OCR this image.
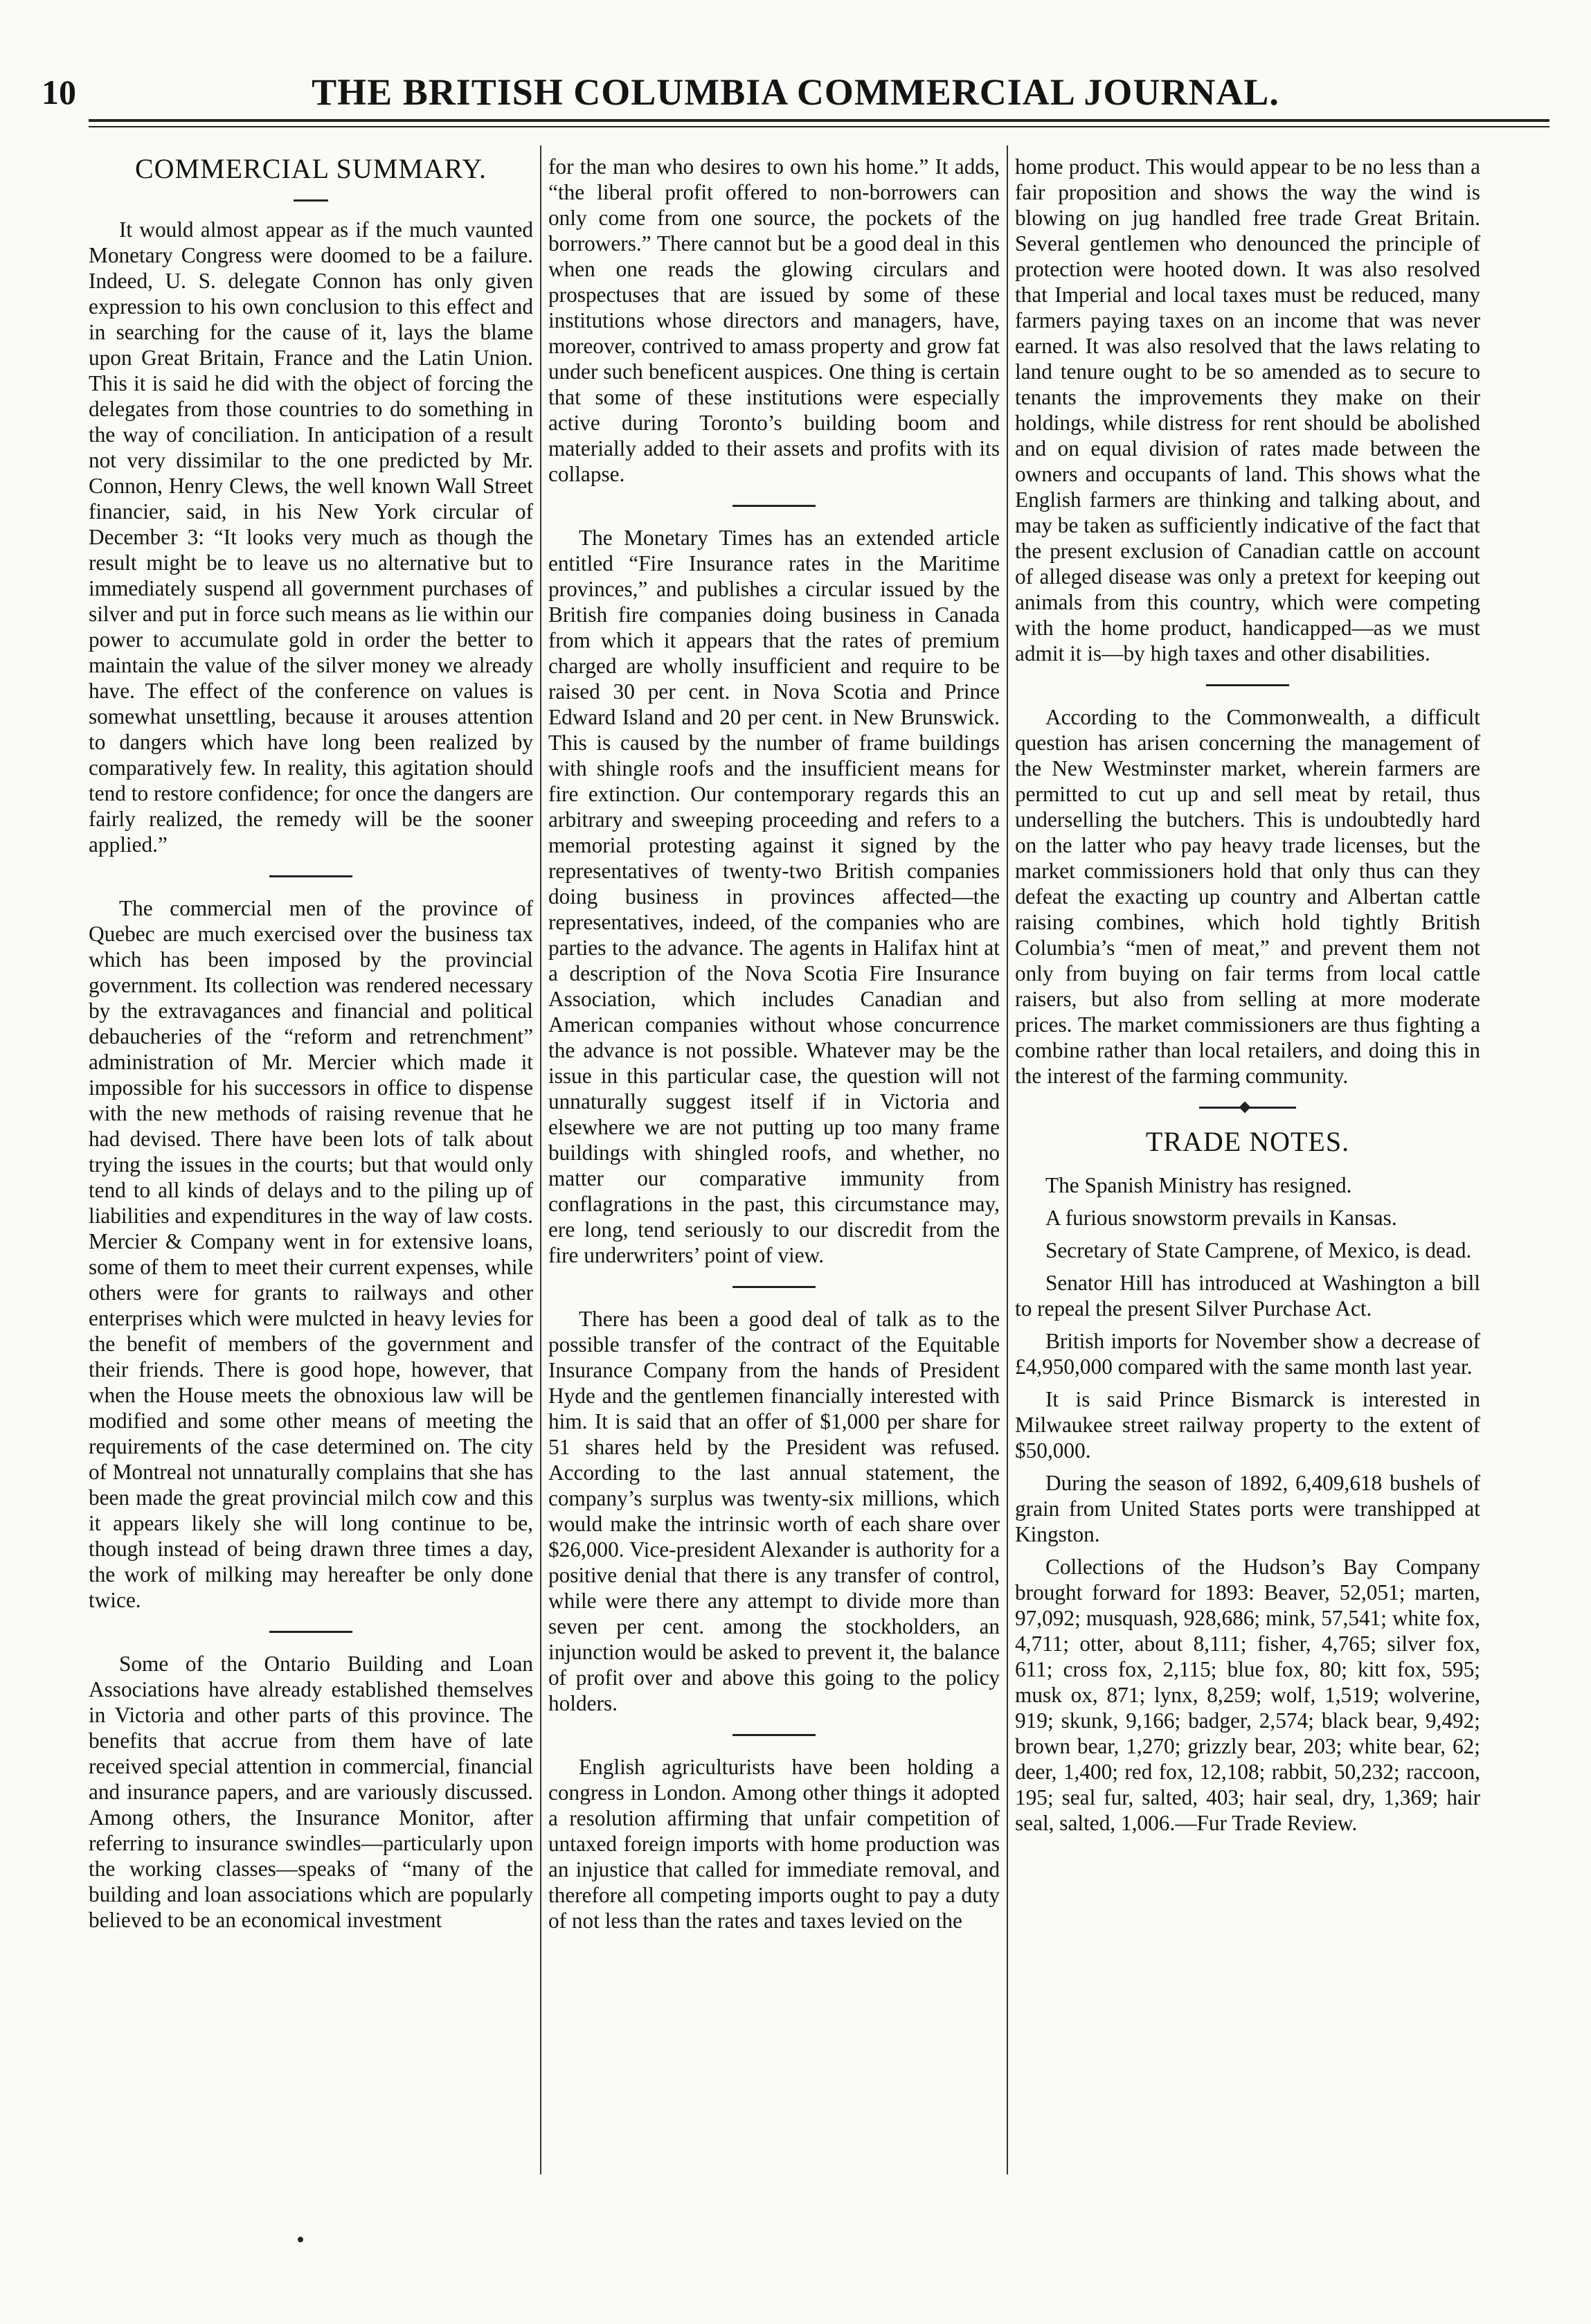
10	THE BRITISH COLUMBIA COMMERCIAL JOURNAL.
COMMERCIAL SUMMARY.

It would almost appear as if the much vaunted Monetary Congress were doomed to be a failure. Indeed, U. S. delegate Connon has only given expression to his own conclusion to this effect and in searching for the cause of it, lays the blame upon Great Britain, France and the Latin Union. This it is said he did with the object of forcing the delegates from those countries to do something in the way of conciliation. In anticipation of a result not very dissimilar to the one predicted by Mr. Connon, Henry Clews, the well known Wall Street financier, said, in his New York circular of December 3: “It looks very much as though the result might be to leave us no alternative but to immediately suspend all government purchases of silver and put in force such means as lie within our power to accumulate gold in order the better to maintain the value of the silver money we already have. The effect of the conference on values is somewhat unsettling, because it arouses attention to dangers which have long been realized by comparatively few. In reality, this agitation should tend to restore confidence; for once the dangers are fairly realized, the remedy will be the sooner applied.”

The commercial men of the province of Quebec are much exercised over the business tax which has been imposed by the provincial government. Its collection was rendered necessary by the extravagances and financial and political debaucheries of the “reform and retrenchment” administration of Mr. Mercier which made it impossible for his successors in office to dispense with the new methods of raising revenue that he had devised. There have been lots of talk about trying the issues in the courts; but that would only tend to all kinds of delays and to the piling up of liabilities and expenditures in the way of law costs. Mercier & Company went in for extensive loans, some of them to meet their current expenses, while others were for grants to railways and other enterprises which were mulcted in heavy levies for the benefit of members of the government and their friends. There is good hope, however, that when the House meets the obnoxious law will be modified and some other means of meeting the requirements of the case determined on. The city of Montreal not unnaturally complains that she has been made the great provincial milch cow and this it appears likely she will long continue to be, though instead of being drawn three times a day, the work of milking may hereafter be only done twice.

Some of the Ontario Building and Loan Associations have already established themselves in Victoria and other parts of this province. The benefits that accrue from them have of late received special attention in commercial, financial and insurance papers, and are variously discussed. Among others, the Insurance Monitor, after referring to insurance swindles—particularly upon the working classes—speaks of “many of the building and loan associations which are popularly believed to be an economical investment

for the man who desires to own his home.” It adds, “the liberal profit offered to non-borrowers can only come from one source, the pockets of the borrowers.” There cannot but be a good deal in this when one reads the glowing circulars and prospectuses that are issued by some of these institutions whose directors and managers, have, moreover, contrived to amass property and grow fat under such beneficent auspices. One thing is certain that some of these institutions were especially active during Toronto’s building boom and materially added to their assets and profits with its collapse.

The Monetary Times has an extended article entitled “Fire Insurance rates in the Maritime provinces,” and publishes a circular issued by the British fire companies doing business in Canada from which it appears that the rates of premium charged are wholly insufficient and require to be raised 30 per cent. in Nova Scotia and Prince Edward Island and 20 per cent. in New Brunswick. This is caused by the number of frame buildings with shingle roofs and the insufficient means for fire extinction. Our contemporary regards this an arbitrary and sweeping proceeding and refers to a memorial protesting against it signed by the representatives of twenty-two British companies doing business in provinces affected—the representatives, indeed, of the companies who are parties to the advance. The agents in Halifax hint at a description of the Nova Scotia Fire Insurance Association, which includes Canadian and American companies without whose concurrence the advance is not possible. Whatever may be the issue in this particular case, the question will not unnaturally suggest itself if in Victoria and elsewhere we are not putting up too many frame buildings with shingled roofs, and whether, no matter our comparative immunity from conflagrations in the past, this circumstance may, ere long, tend seriously to our discredit from the fire underwriters’ point of view.

There has been a good deal of talk as to the possible transfer of the contract of the Equitable Insurance Company from the hands of President Hyde and the gentlemen financially interested with him. It is said that an offer of $1,000 per share for 51 shares held by the President was refused. According to the last annual statement, the company’s surplus was twenty-six millions, which would make the intrinsic worth of each share over $26,000. Vice-president Alexander is authority for a positive denial that there is any transfer of control, while were there any attempt to divide more than seven per cent. among the stockholders, an injunction would be asked to prevent it, the balance of profit over and above this going to the policy holders.

English agriculturists have been holding a congress in London. Among other things it adopted a resolution affirming that unfair competition of untaxed foreign imports with home production was an injustice that called for immediate removal, and therefore all competing imports ought to pay a duty of not less than the rates and taxes levied on the

home product. This would appear to be no less than a fair proposition and shows the way the wind is blowing on jug handled free trade Great Britain. Several gentlemen who denounced the principle of protection were hooted down. It was also resolved that Imperial and local taxes must be reduced, many farmers paying taxes on an income that was never earned. It was also resolved that the laws relating to land tenure ought to be so amended as to secure to tenants the improvements they make on their holdings, while distress for rent should be abolished and on equal division of rates made between the owners and occupants of land. This shows what the English farmers are thinking and talking about, and may be taken as sufficiently indicative of the fact that the present exclusion of Canadian cattle on account of alleged disease was only a pretext for keeping out animals from this country, which were competing with the home product, handicapped—as we must admit it is—by high taxes and other disabilities.

According to the Commonwealth, a difficult question has arisen concerning the management of the New Westminster market, wherein farmers are permitted to cut up and sell meat by retail, thus underselling the butchers. This is undoubtedly hard on the latter who pay heavy trade licenses, but the market commissioners hold that only thus can they defeat the exacting up country and Albertan cattle raising combines, which hold tightly British Columbia’s “men of meat,” and prevent them not only from buying on fair terms from local cattle raisers, but also from selling at more moderate prices. The market commissioners are thus fighting a combine rather than local retailers, and doing this in the interest of the farming community.

TRADE NOTES.

The Spanish Ministry has resigned.

A furious snowstorm prevails in Kansas.

Secretary of State Camprene, of Mexico, is dead.

Senator Hill has introduced at Washington a bill to repeal the present Silver Purchase Act.

British imports for November show a decrease of £4,950,000 compared with the same month last year.

It is said Prince Bismarck is interested in Milwaukee street railway property to the extent of $50,000.

During the season of 1892, 6,409,618 bushels of grain from United States ports were transhipped at Kingston.

Collections of the Hudson’s Bay Company brought forward for 1893: Beaver, 52,051; marten, 97,092; musquash, 928,686; mink, 57,541; white fox, 4,711; otter, about 8,111; fisher, 4,765; silver fox, 611; cross fox, 2,115; blue fox, 80; kitt fox, 595; musk ox, 871; lynx, 8,259; wolf, 1,519; wolverine, 919; skunk, 9,166; badger, 2,574; black bear, 9,492; brown bear, 1,270; grizzly bear, 203; white bear, 62; deer, 1,400; red fox, 12,108; rabbit, 50,232; raccoon, 195; seal fur, salted, 403; hair seal, dry, 1,369; hair seal, salted, 1,006.—Fur Trade Review.
